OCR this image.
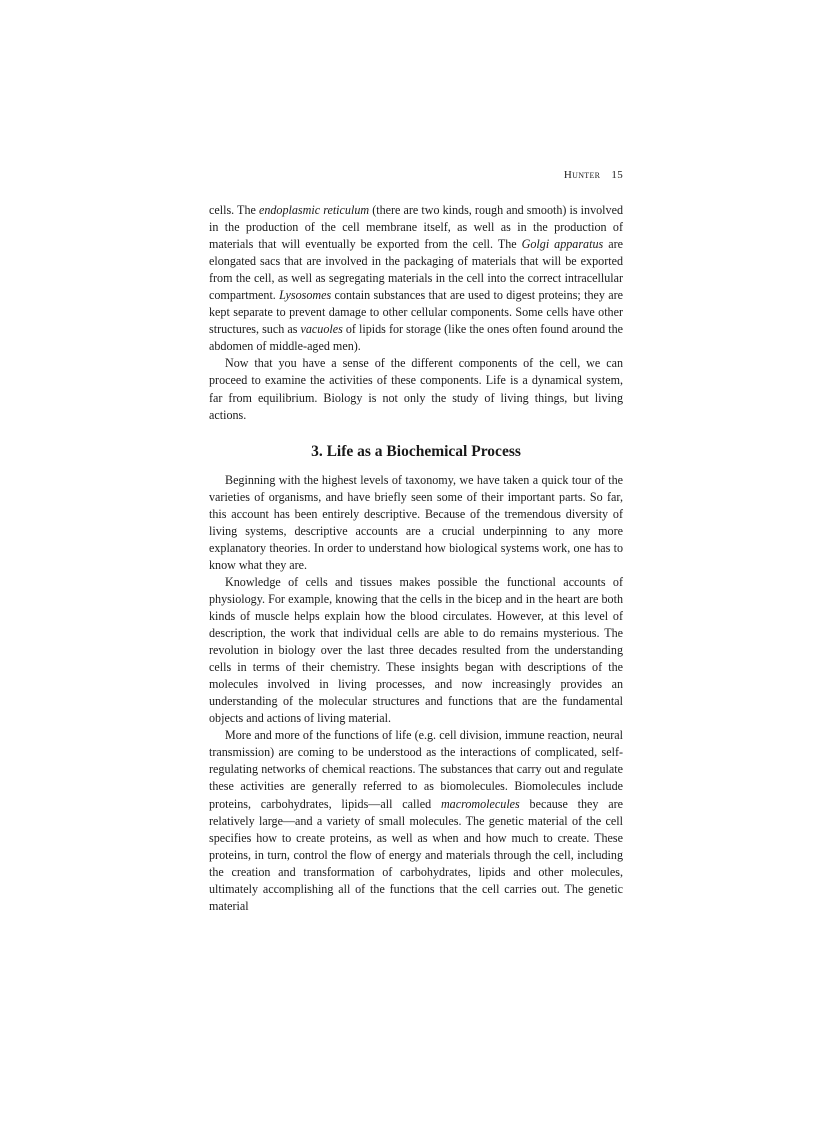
Hunter 15

cells. The endoplasmic reticulum (there are two kinds, rough and smooth) is involved in the production of the cell membrane itself, as well as in the production of materials that will eventually be exported from the cell. The Golgi apparatus are elongated sacs that are involved in the packaging of materials that will be exported from the cell, as well as segregating materials in the cell into the correct intracellular compartment. Lysosomes contain substances that are used to digest proteins; they are kept separate to prevent damage to other cellular components. Some cells have other structures, such as vacuoles of lipids for storage (like the ones often found around the abdomen of middle-aged men).

Now that you have a sense of the different components of the cell, we can proceed to examine the activities of these components. Life is a dynamical system, far from equilibrium. Biology is not only the study of living things, but living actions.

3. Life as a Biochemical Process

Beginning with the highest levels of taxonomy, we have taken a quick tour of the varieties of organisms, and have briefly seen some of their important parts. So far, this account has been entirely descriptive. Because of the tremendous diversity of living systems, descriptive accounts are a crucial underpinning to any more explanatory theories. In order to understand how biological systems work, one has to know what they are.

Knowledge of cells and tissues makes possible the functional accounts of physiology. For example, knowing that the cells in the bicep and in the heart are both kinds of muscle helps explain how the blood circulates. However, at this level of description, the work that individual cells are able to do remains mysterious. The revolution in biology over the last three decades resulted from the understanding cells in terms of their chemistry. These insights began with descriptions of the molecules involved in living processes, and now increasingly provides an understanding of the molecular structures and functions that are the fundamental objects and actions of living material.

More and more of the functions of life (e.g. cell division, immune reaction, neural transmission) are coming to be understood as the interactions of complicated, self-regulating networks of chemical reactions. The substances that carry out and regulate these activities are generally referred to as biomolecules. Biomolecules include proteins, carbohydrates, lipids—all called macromolecules because they are relatively large—and a variety of small molecules. The genetic material of the cell specifies how to create proteins, as well as when and how much to create. These proteins, in turn, control the flow of energy and materials through the cell, including the creation and transformation of carbohydrates, lipids and other molecules, ultimately accomplishing all of the functions that the cell carries out. The genetic material
